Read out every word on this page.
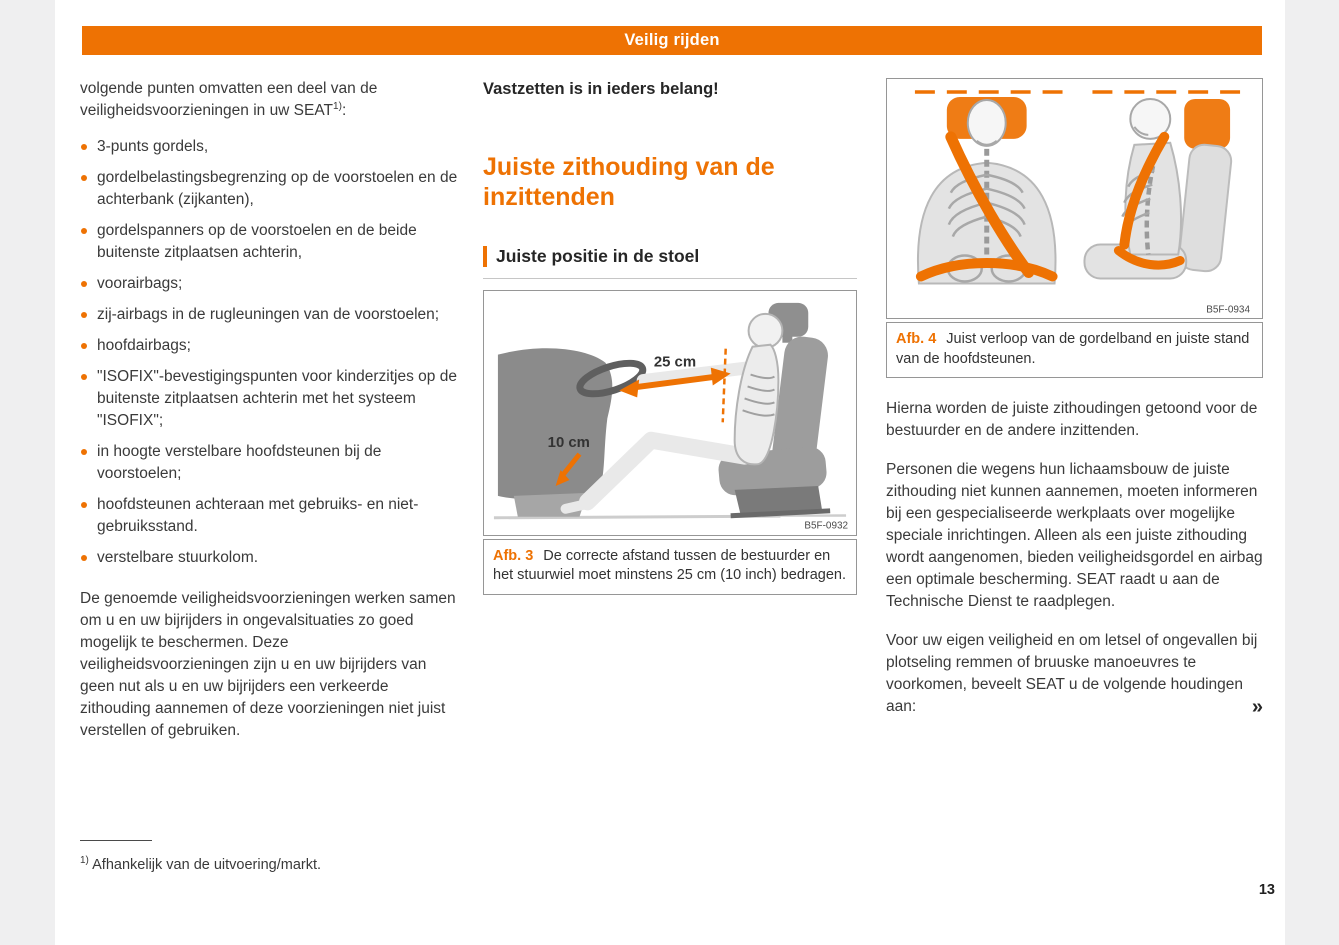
Veilig rijden

volgende punten omvatten een deel van de veiligheidsvoorzieningen in uw SEAT$^{1)}$:

3-punts gordels,
gordelbelastingsbegrenzing op de voorstoelen en de achterbank (zijkanten),
gordelspanners op de voorstoelen en de beide buitenste zitplaatsen achterin,
voorairbags;
zij-airbags in de rugleuningen van de voorstoelen;
hoofdairbags;
"ISOFIX"-bevestigingspunten voor kinderzitjes op de buitenste zitplaatsen achterin met het systeem "ISOFIX";
in hoogte verstelbare hoofdsteunen bij de voorstoelen;
hoofdsteunen achteraan met gebruiks- en niet-gebruiksstand.
verstelbare stuurkolom.

De genoemde veiligheidsvoorzieningen werken samen om u en uw bijrijders in ongevalsituaties zo goed mogelijk te beschermen. Deze veiligheidsvoorzieningen zijn u en uw bijrijders van geen nut als u en uw bijrijders een verkeerde zithouding aannemen of deze voorzieningen niet juist verstellen of gebruiken.

Vastzetten is in ieders belang!
Juiste zithouding van de inzittenden
Juiste positie in de stoel
25 cm
10 cm
B5F-0932
Afb. 3 De correcte afstand tussen de bestuurder en het stuurwiel moet minstens 25 cm (10 inch) bedragen.
B5F-0934
Afb. 4 Juist verloop van de gordelband en juiste stand van de hoofdsteunen.

Hierna worden de juiste zithoudingen getoond voor de bestuurder en de andere inzittenden.

Personen die wegens hun lichaamsbouw de juiste zithouding niet kunnen aannemen, moeten informeren bij een gespecialiseerde werkplaats over mogelijke speciale inrichtingen. Alleen als een juiste zithouding wordt aangenomen, bieden veiligheidsgordel en airbag een optimale bescherming. SEAT raadt u aan de Technische Dienst te raadplegen.

Voor uw eigen veiligheid en om letsel of ongevallen bij plotseling remmen of bruuske manoeuvres te voorkomen, beveelt SEAT u de volgende houdingen aan:	»
$^{1)}$ Afhankelijk van de uitvoering/markt.
13
